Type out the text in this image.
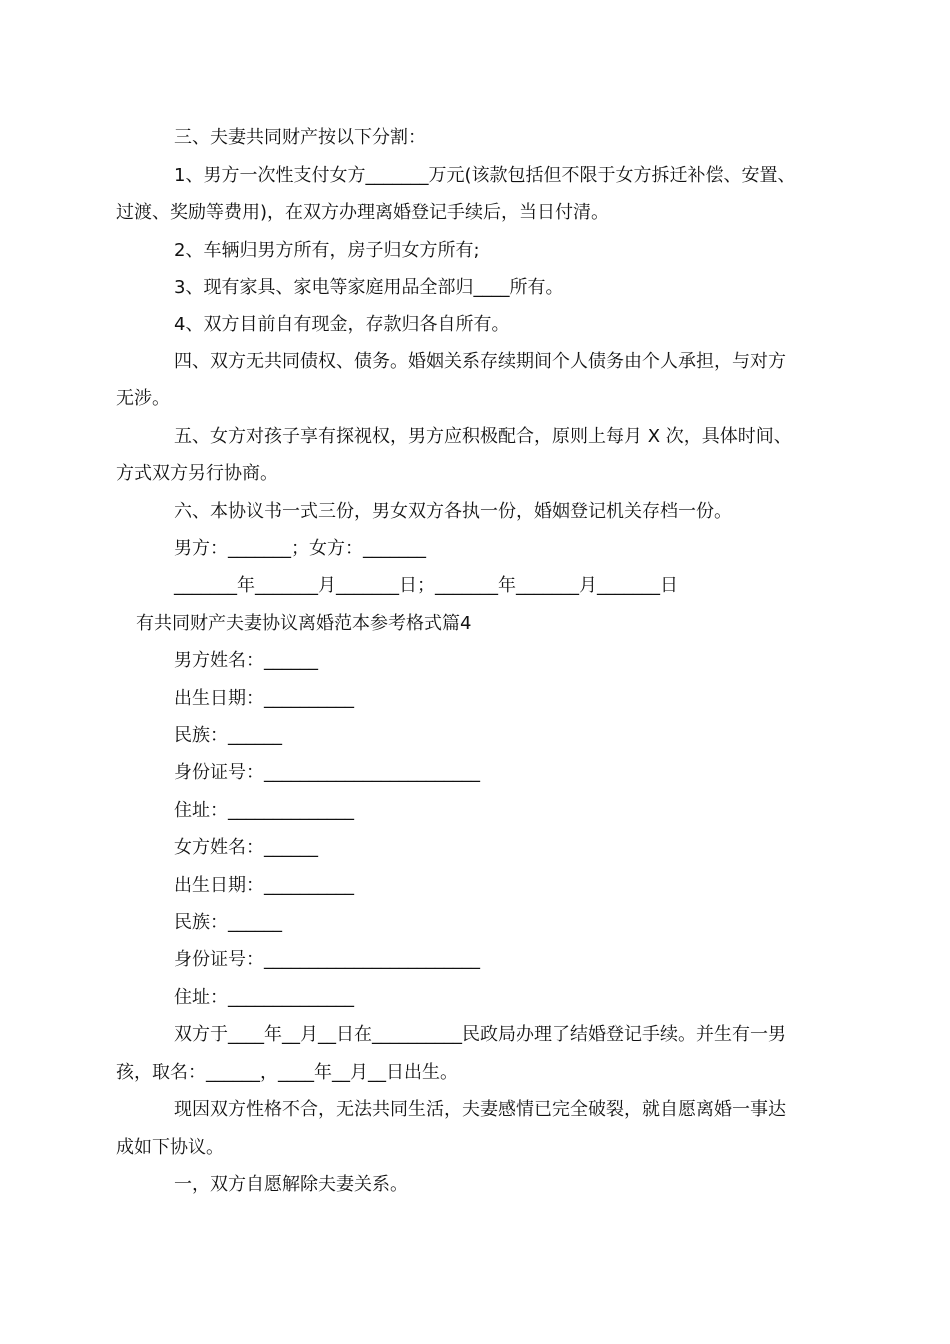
三、夫妻共同财产按以下分割：

1、男方一次性支付女方_______万元(该款包括但不限于女方拆迁补偿、安置、

过渡、奖励等费用)，在双方办理离婚登记手续后，当日付清。

2、车辆归男方所有，房子归女方所有;

3、现有家具、家电等家庭用品全部归____所有。

4、双方目前自有现金，存款归各自所有。

四、双方无共同债权、债务。婚姻关系存续期间个人债务由个人承担，与对方

无涉。

五、女方对孩子享有探视权，男方应积极配合，原则上每月 X 次，具体时间、

方式双方另行协商。

六、本协议书一式三份，男女双方各执一份，婚姻登记机关存档一份。

男方：_______；女方：_______

_______年_______月_______日；_______年_______月_______日

有共同财产夫妻协议离婚范本参考格式篇4

男方姓名：______

出生日期：__________

民族：______

身份证号：________________________

住址：______________

女方姓名：______

出生日期：__________

民族：______

身份证号：________________________

住址：______________

双方于____年__月__日在__________民政局办理了结婚登记手续。并生有一男

孩，取名：______，____年__月__日出生。

现因双方性格不合，无法共同生活，夫妻感情已完全破裂，就自愿离婚一事达

成如下协议。

一，双方自愿解除夫妻关系。
